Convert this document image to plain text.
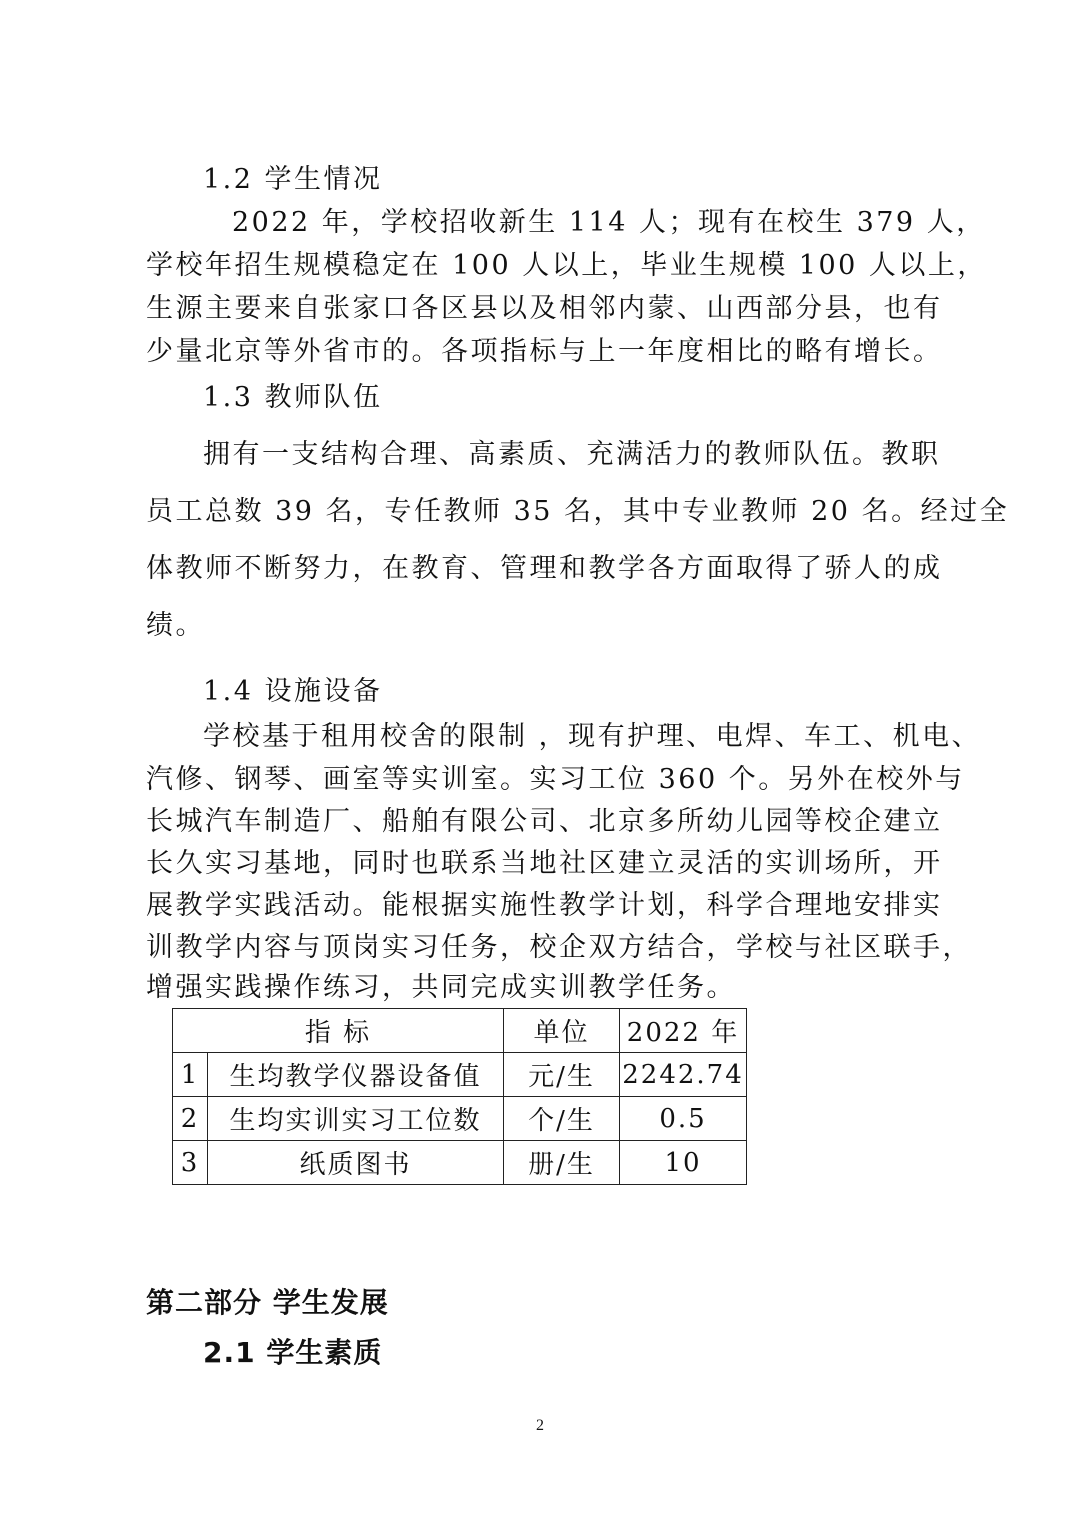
1.2 学生情况
2022 年，学校招收新生 114 人；现有在校生 379 人，
学校年招生规模稳定在 100 人以上，毕业生规模 100 人以上，
生源主要来自张家口各区县以及相邻内蒙、山西部分县，也有
少量北京等外省市的。各项指标与上一年度相比的略有增长。
1.3 教师队伍
拥有一支结构合理、高素质、充满活力的教师队伍。教职
员工总数 39 名，专任教师 35 名，其中专业教师 20 名。经过全
体教师不断努力，在教育、管理和教学各方面取得了骄人的成
绩。
1.4 设施设备
学校基于租用校舍的限制 ，现有护理、电焊、车工、机电、
汽修、钢琴、画室等实训室。实习工位 360 个。另外在校外与
长城汽车制造厂、船舶有限公司、北京多所幼儿园等校企建立
长久实习基地，同时也联系当地社区建立灵活的实训场所，开
展教学实践活动。能根据实施性教学计划，科学合理地安排实
训教学内容与顶岗实习任务，校企双方结合，学校与社区联手，
增强实践操作练习，共同完成实训教学任务。
指 标		单位	2022 年
1	生均教学仪器设备值	元/生	2242.74
2	生均实训实习工位数	个/生	0.5
3	纸质图书	册/生	10
第二部分 学生发展
2.1 学生素质
2
